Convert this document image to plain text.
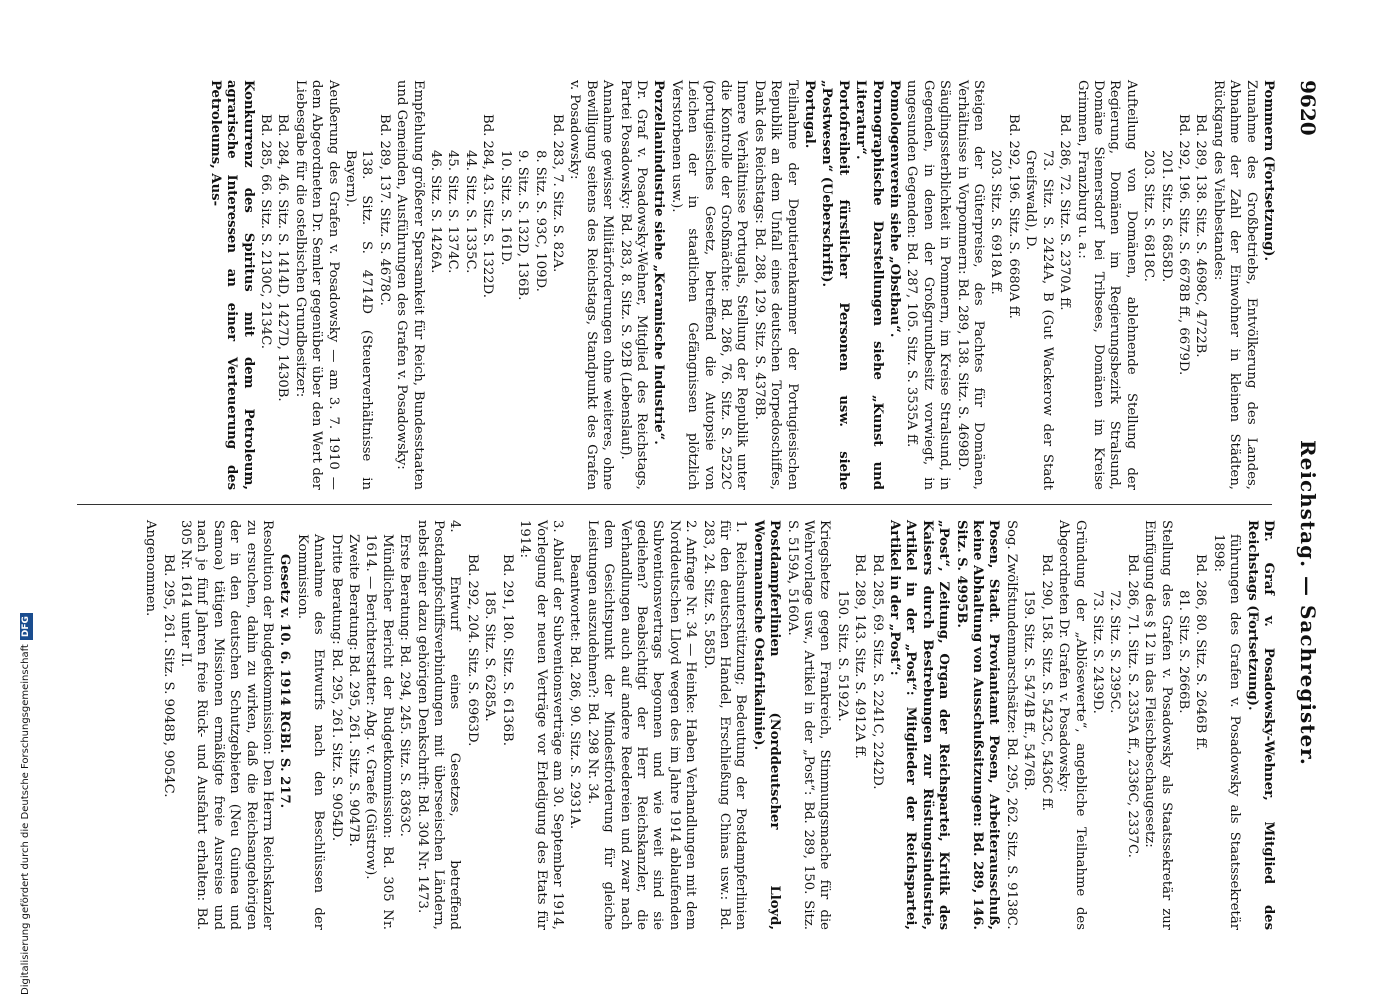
9620
Reichstag. — Sachregister.

Pommern (Fortsetzung).

Zunahme des Großbetriebs, Entvölkerung des Landes, Abnahme der Zahl der Einwohner in kleinen Städten, Rückgang des Viehbestandes:

Bd. 289, 138. Sitz. S. 4698C, 4722B.

Bd. 292, 196. Sitz. S. 6678B ff., 6679D.

201. Sitz. S. 6858D.

203. Sitz. S. 6818C.

Aufteilung von Domänen, ablehnende Stellung der Regierung, Domänen im Regierungsbezirk Stralsund, Domäne Siemersdorf bei Tribsees, Domänen im Kreise Grimmen, Franzburg u. a.:

Bd. 286, 72. Sitz. S. 2370A ff.

73. Sitz. S. 2424A, B (Gut Wackerow der Stadt Greifswald), D.

Bd. 292, 196. Sitz. S. 6680A ff.

203. Sitz. S. 6918A ff.

Steigen der Güterpreise, des Pachtes für Domänen, Verhältnisse in Vorpommern: Bd. 289, 138. Sitz. S. 4698D.

Säuglingssterblichkeit in Pommern, im Kreise Stralsund, in Gegenden, in denen der Großgrundbesitz vorwiegt, in ungesunden Gegenden: Bd. 287, 105. Sitz. S. 3535A ff.

Pomologenverein siehe „Obstbau“.

Pornographische Darstellungen siehe „Kunst und Literatur“.

Portofreiheit fürstlicher Personen usw. siehe „Postwesen“ (Ueberschrift).

Portugal.

Teilnahme der Deputiertenkammer der Portugiesischen Republik an dem Unfall eines deutschen Torpedoschiffes, Dank des Reichstags: Bd. 288, 129. Sitz. S. 4378B.

Innere Verhältnisse Portugals, Stellung der Republik unter die Kontrolle der Großmächte: Bd. 286, 76. Sitz. S. 2522C (portugiesisches Gesetz, betreffend die Autopsie von Leichen der in staatlichen Gefängnissen plötzlich Verstorbenen usw.).

Porzellanindustrie siehe „Keramische Industrie“.

Dr. Graf v. Posadowsky-Wehner, Mitglied des Reichstags, Partei Posadowsky: Bd. 283, 8. Sitz. S. 92B (Lebenslauf).

Annahme gewisser Militärforderungen ohne weiteres, ohne Bewilligung seitens des Reichstags, Standpunkt des Grafen v. Posadowsky:

Bd. 283, 7. Sitz. S. 82A.

8. Sitz. S. 93C, 109D.

9. Sitz. S. 132D, 136B.

10. Sitz. S. 161D.

Bd. 284, 43. Sitz. S. 1322D.

44. Sitz. S. 1335C.

45. Sitz. S. 1374C.

46. Sitz. S. 1426A.

Empfehlung größerer Sparsamkeit für Reich, Bundesstaaten und Gemeinden, Ausführungen des Grafen v. Posadowsky:

Bd. 289, 137. Sitz. S. 4678C.

138. Sitz. S. 4714D (Steuerverhältnisse in Bayern).

Aeußerung des Grafen v. Posadowsky — am 3. 7. 1910 — dem Abgeordneten Dr. Semler gegenüber über den Wert der Liebesgabe für die ostelbischen Grundbesitzer:

Bd. 284, 46. Sitz. S. 1414D, 1427D, 1430B.

Bd. 285, 66. Sitz. S. 2130C, 2134C.

Konkurrenz des Spiritus mit dem Petroleum, agrarische Interessen an einer Verteuerung des Petroleums, Aus-

Dr. Graf v. Posadowsky-Wehner, Mitglied des Reichstags (Fortsetzung).

führungen des Grafen v. Posadowsky als Staatssekretär 1898:

Bd. 286, 80. Sitz. S. 2646B ff.

81. Sitz. S. 2666B.

Stellung des Grafen v. Posadowsky als Staatssekretär zur Einfügung des § 12 in das Fleischbeschaugesetz:

Bd. 286, 71. Sitz. S. 2335A ff., 2336C, 2337C.

72. Sitz. S. 2395C.

73. Sitz. S. 2439D.

Gründung der „Ablösewerte“, angebliche Teilnahme des Abgeordneten Dr. Grafen v. Posadowsky:

Bd. 290, 158. Sitz. S. 5423C, 5436C ff.

159. Sitz. S. 5474B ff., 5476B.

Sog. Zwölfstundenmarschsätze: Bd. 295, 262. Sitz. S. 9138C.

Posen, Stadt. Proviantamt Posen, Arbeiterausschuß, keine Abhaltung von Ausschußsitzungen: Bd. 289, 146. Sitz. S. 4995B.

„Post“, Zeitung, Organ der Reichspartei, Kritik des Kaisers durch Bestrebungen zur Rüstungsindustrie, Artikel in der „Post“: Mitglieder der Reichspartei, Artikel in der „Post“:

Bd. 285, 69. Sitz. S. 2241C, 2242D.

Bd. 289, 143. Sitz. S. 4912A ff.

150. Sitz. S. 5192A.

Kriegshetze gegen Frankreich, Stimmungsmache für die Wehrvorlage usw., Artikel in der „Post“: Bd. 289, 150. Sitz. S. 5159A, 5160A.

Postdampferlinien (Norddeutscher Lloyd, Woermannsche Ostafrikalinie).

1. Reichsunterstützung; Bedeutung der Postdampferlinien für den deutschen Handel, Erschließung Chinas usw.: Bd. 283, 24. Sitz. S. 585D.

2. Anfrage Nr. 34 — Heinke: Haben Verhandlungen mit dem Norddeutschen Lloyd wegen des im Jahre 1914 ablaufenden Subventionsvertrags begonnen und wie weit sind sie gediehen? Beabsichtigt der Herr Reichskanzler, die Verhandlungen auch auf andere Reedereien und zwar nach dem Gesichtspunkt der Mindestforderung für gleiche Leistungen auszudehnen?: Bd. 298 Nr. 34.

Beantwortet: Bd. 286, 90. Sitz. S. 2931A.

3. Ablauf der Subventionsverträge am 30. September 1914, Vorlegung der neuen Verträge vor Erledigung des Etats für 1914:

Bd. 291, 180. Sitz. S. 6136B.

185. Sitz. S. 6285A.

Bd. 292, 204. Sitz. S. 6963D.

4. Entwurf eines Gesetzes, betreffend Postdampfschiffsverbindungen mit überseeischen Ländern, nebst einer dazu gehörigen Denkschrift: Bd. 304 Nr. 1473.

Erste Beratung: Bd. 294, 245. Sitz. S. 8363C.

Mündlicher Bericht der Budgetkommission: Bd. 305 Nr. 1614. — Berichterstatter: Abg. v. Graefe (Güstrow).

Zweite Beratung: Bd. 295, 261. Sitz. S. 9047B.

Dritte Beratung: Bd. 295, 261. Sitz. S. 9054D.

Annahme des Entwurfs nach den Beschlüssen der Kommission.

Gesetz v. 10. 6. 1914 RGBl. S. 217.

Resolution der Budgetkommission: Den Herrn Reichskanzler zu ersuchen, dahin zu wirken, daß die Reichsangehörigen der in den deutschen Schutzgebieten (Neu Guinea und Samoa) tätigen Missionen ermäßigte freie Ausreise und nach je fünf Jahren freie Rück- und Ausfahrt erhalten: Bd. 305 Nr. 1614 unter II.

Bd. 295, 261. Sitz. S. 9048B, 9054C.

Angenommen.

Digitalisierung gefördert durch die Deutsche ForschungsgemeinschaftDFG
